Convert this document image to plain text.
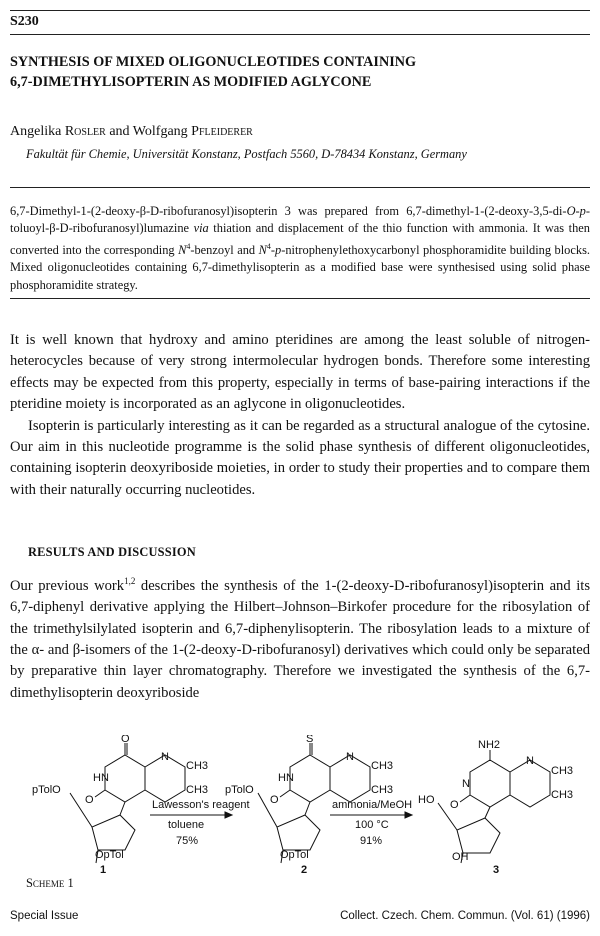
S230
SYNTHESIS OF MIXED OLIGONUCLEOTIDES CONTAINING
6,7-DIMETHYLISOPTERIN AS MODIFIED AGLYCONE
Angelika Rosler and Wolfgang Pfleiderer
Fakultät für Chemie, Universität Konstanz, Postfach 5560, D-78434 Konstanz, Germany

6,7-Dimethyl-1-(2-deoxy-β-D-ribofuranosyl)isopterin 3 was prepared from 6,7-dimethyl-1-(2-deoxy-3,5-di-O-p-toluoyl-β-D-ribofuranosyl)lumazine via thiation and displacement of the thio function with ammonia. It was then converted into the corresponding $N^4$-benzoyl and $N^4-p$-nitrophenylethoxycarbonyl phosphoramidite building blocks. Mixed oligonucleotides containing 6,7-dimethylisopterin as a modified base were synthesised using solid phase phosphoramidite strategy.

It is well known that hydroxy and amino pteridines are among the least soluble of nitrogen-heterocycles because of very strong intermolecular hydrogen bonds. Therefore some interesting effects may be expected from this property, especially in terms of base-pairing interactions if the pteridine moiety is incorporated as an aglycone in oligonucleotides.

Isopterin is particularly interesting as it can be regarded as a structural analogue of the cytosine. Our aim in this nucleotide programme is the solid phase synthesis of different oligonucleotides, containing isopterin deoxyriboside moieties, in order to study their properties and to compare them with their naturally occurring nucleotides.

RESULTS AND DISCUSSION

Our previous work$^{1,2}$ describes the synthesis of the 1-(2-deoxy-D-ribofuranosyl)isopterin and its 6,7-diphenyl derivative applying the Hilbert–Johnson–Birkofer procedure for the ribosylation of the trimethylsilylated isopterin and 6,7-diphenylisopterin. The ribosylation leads to a mixture of the α- and β-isomers of the 1-(2-deoxy-D-ribofuranosyl) derivatives which could only be separated by preparative thin layer chromatography. Therefore we investigated the synthesis of the 6,7-dimethylisopterin deoxyriboside

O
HN
N
CH3
CH3
O
pTolO
OpTol
1
Lawesson's reagent
toluene
75%
S
HN
N
CH3
CH3
O
pTolO
OpTol
2
ammonia/MeOH
100 °C
91%
NH2
N
N
CH3
CH3
O
HO
OH
3
Scheme 1
Special Issue	Collect. Czech. Chem. Commun. (Vol. 61) (1996)
